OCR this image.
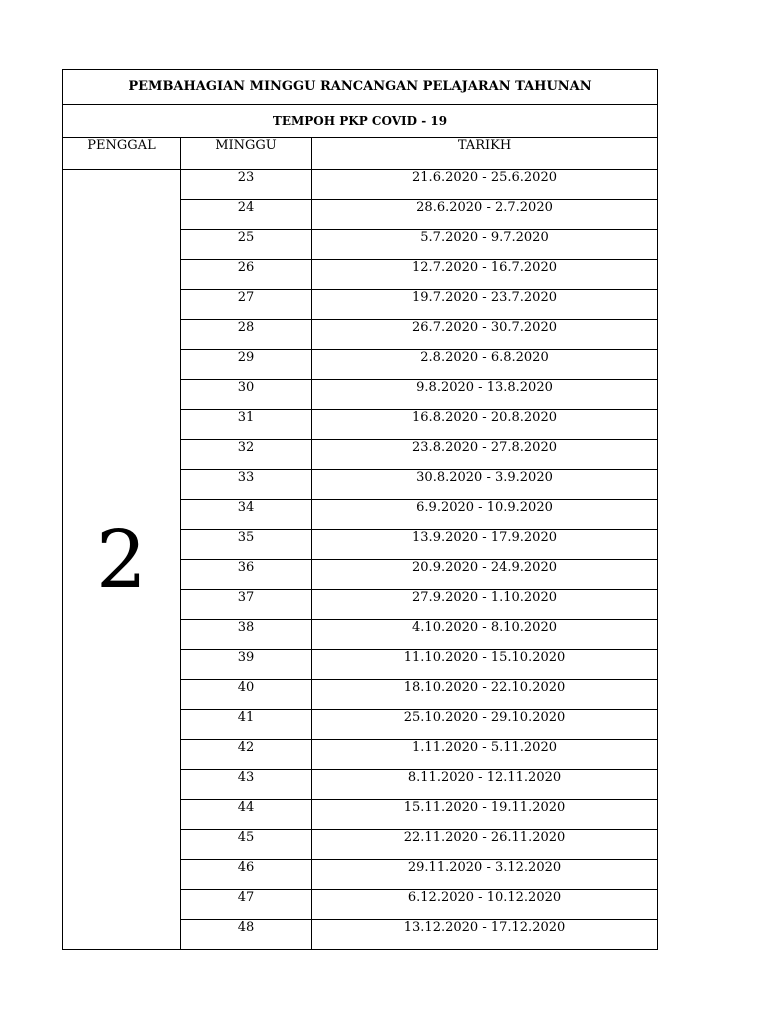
PEMBAHAGIAN MINGGU RANCANGAN PELAJARAN TAHUNAN		
TEMPOH PKP COVID - 19		
PENGGAL	MINGGU	TARIKH
2	23	21.6.2020 - 25.6.2020
	24	28.6.2020 - 2.7.2020
	25	5.7.2020 - 9.7.2020
	26	12.7.2020 - 16.7.2020
	27	19.7.2020 - 23.7.2020
	28	26.7.2020 - 30.7.2020
	29	2.8.2020 - 6.8.2020
	30	9.8.2020 - 13.8.2020
	31	16.8.2020 - 20.8.2020
	32	23.8.2020 - 27.8.2020
	33	30.8.2020 - 3.9.2020
	34	6.9.2020 - 10.9.2020
	35	13.9.2020 - 17.9.2020
	36	20.9.2020 - 24.9.2020
	37	27.9.2020 - 1.10.2020
	38	4.10.2020 - 8.10.2020
	39	11.10.2020 - 15.10.2020
	40	18.10.2020 - 22.10.2020
	41	25.10.2020 - 29.10.2020
	42	1.11.2020 - 5.11.2020
	43	8.11.2020 - 12.11.2020
	44	15.11.2020 - 19.11.2020
	45	22.11.2020 - 26.11.2020
	46	29.11.2020 - 3.12.2020
	47	6.12.2020 - 10.12.2020
	48	13.12.2020 - 17.12.2020
